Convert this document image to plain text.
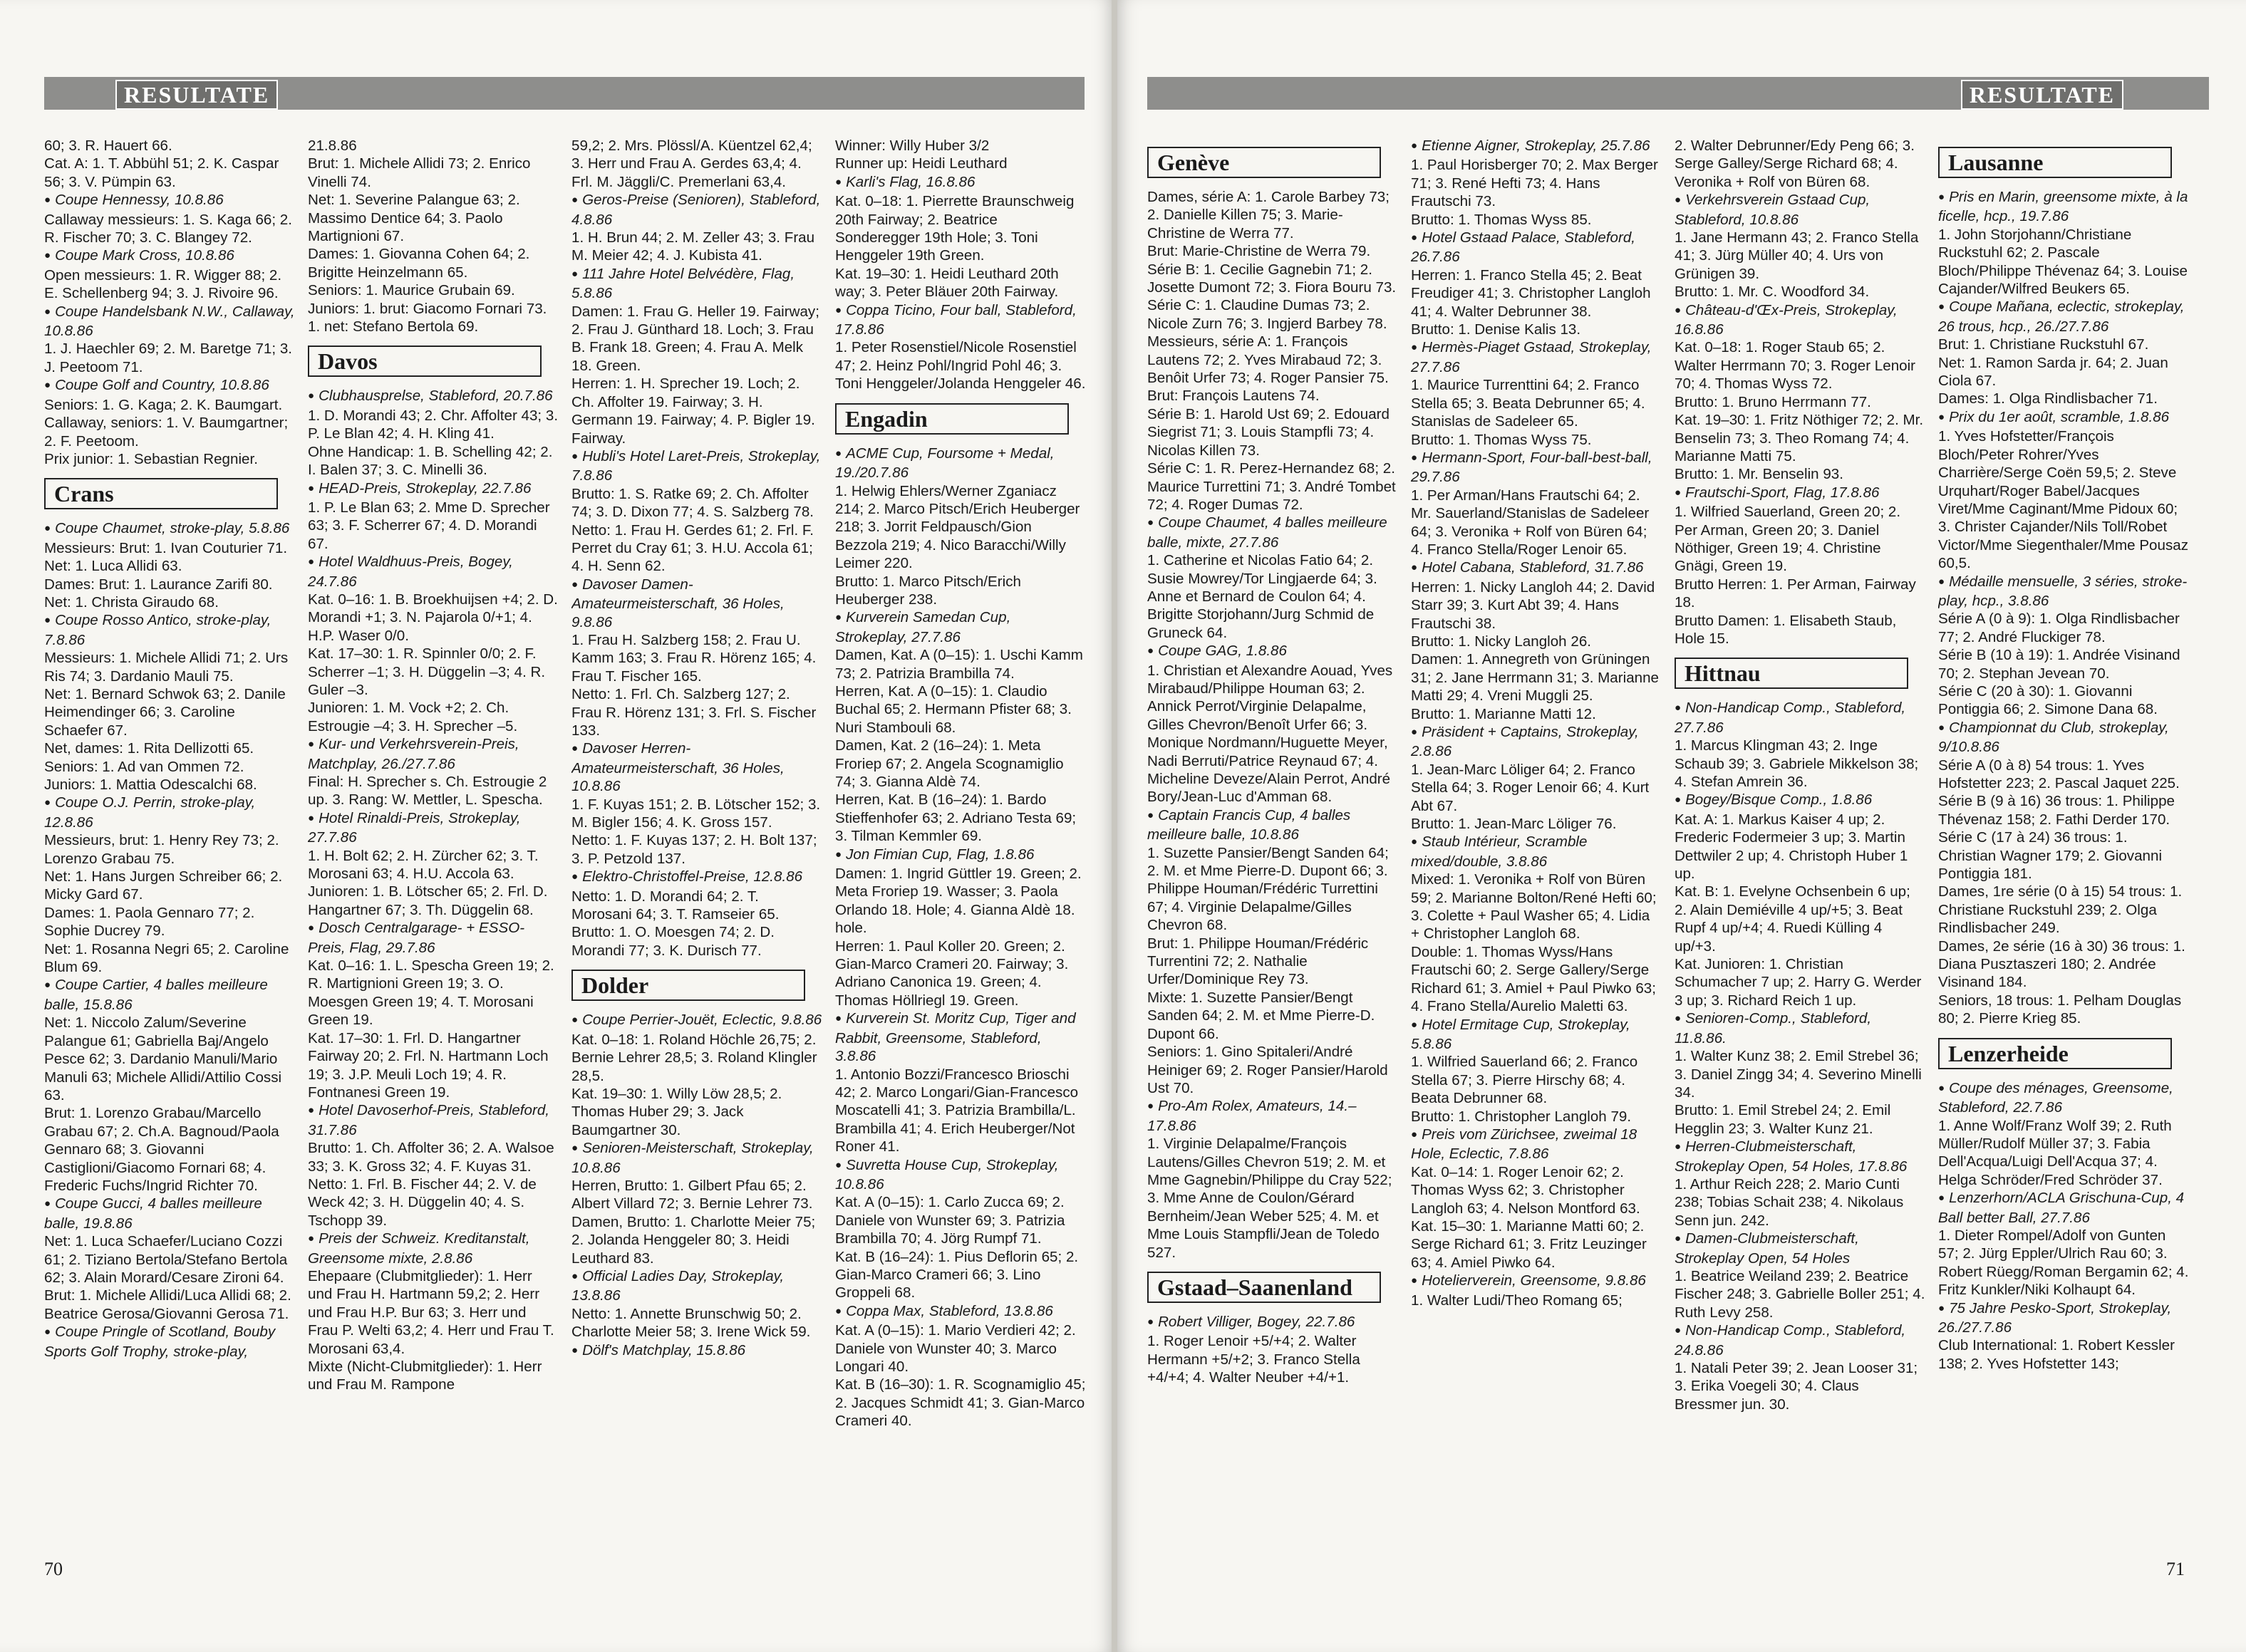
RESULTATE

60; 3. R. Hauert 66.

Cat. A: 1. T. Abbühl 51; 2. K. Caspar 56; 3. V. Pümpin 63.

● Coupe Hennessy, 10.8.86

Callaway messieurs: 1. S. Kaga 66; 2. R. Fischer 70; 3. C. Blangey 72.

● Coupe Mark Cross, 10.8.86

Open messieurs: 1. R. Wigger 88; 2. E. Schellenberg 94; 3. J. Rivoire 96.

● Coupe Handelsbank N.W., Callaway, 10.8.86

1. J. Haechler 69; 2. M. Baretge 71; 3. J. Peetoom 71.

● Coupe Golf and Country, 10.8.86

Seniors: 1. G. Kaga; 2. K. Baumgart.

Callaway, seniors: 1. V. Baumgartner; 2. F. Peetoom.

Prix junior: 1. Sebastian Regnier.

Crans

● Coupe Chaumet, stroke-play, 5.8.86

Messieurs: Brut: 1. Ivan Couturier 71. Net: 1. Luca Allidi 63.

Dames: Brut: 1. Laurance Zarifi 80. Net: 1. Christa Giraudo 68.

● Coupe Rosso Antico, stroke-play, 7.8.86

Messieurs: 1. Michele Allidi 71; 2. Urs Ris 74; 3. Dardanio Mauli 75.

Net: 1. Bernard Schwok 63; 2. Danile Heimendinger 66; 3. Caroline Schaefer 67.

Net, dames: 1. Rita Dellizotti 65.

Seniors: 1. Ad van Ommen 72.

Juniors: 1. Mattia Odescalchi 68.

● Coupe O.J. Perrin, stroke-play, 12.8.86

Messieurs, brut: 1. Henry Rey 73; 2. Lorenzo Grabau 75.

Net: 1. Hans Jurgen Schreiber 66; 2. Micky Gard 67.

Dames: 1. Paola Gennaro 77; 2. Sophie Ducrey 79.

Net: 1. Rosanna Negri 65; 2. Caroline Blum 69.

● Coupe Cartier, 4 balles meilleure balle, 15.8.86

Net: 1. Niccolo Zalum/Severine Palangue 61; Gabriella Baj/Angelo Pesce 62; 3. Dardanio Manuli/Mario Manuli 63; Michele Allidi/Attilio Cossi 63.

Brut: 1. Lorenzo Grabau/Marcello Grabau 67; 2. Ch.A. Bagnoud/Paola Gennaro 68; 3. Giovanni Castiglioni/Giacomo Fornari 68; 4. Frederic Fuchs/Ingrid Richter 70.

● Coupe Gucci, 4 balles meilleure balle, 19.8.86

Net: 1. Luca Schaefer/Luciano Cozzi 61; 2. Tiziano Bertola/Stefano Bertola 62; 3. Alain Morard/Cesare Zironi 64.

Brut: 1. Michele Allidi/Luca Allidi 68; 2. Beatrice Gerosa/Giovanni Gerosa 71.

● Coupe Pringle of Scotland, Bouby Sports Golf Trophy, stroke-play,

21.8.86

Brut: 1. Michele Allidi 73; 2. Enrico Vinelli 74.

Net: 1. Severine Palangue 63; 2. Massimo Dentice 64; 3. Paolo Martignioni 67.

Dames: 1. Giovanna Cohen 64; 2. Brigitte Heinzelmann 65.

Seniors: 1. Maurice Grubain 69.

Juniors: 1. brut: Giacomo Fornari 73. 1. net: Stefano Bertola 69.

Davos

● Clubhausprelse, Stableford, 20.7.86

1. D. Morandi 43; 2. Chr. Affolter 43; 3. P. Le Blan 42; 4. H. Kling 41.

Ohne Handicap: 1. B. Schelling 42; 2. I. Balen 37; 3. C. Minelli 36.

● HEAD-Preis, Strokeplay, 22.7.86

1. P. Le Blan 63; 2. Mme D. Sprecher 63; 3. F. Scherrer 67; 4. D. Morandi 67.

● Hotel Waldhuus-Preis, Bogey, 24.7.86

Kat. 0–16: 1. B. Broekhuijsen +4; 2. D. Morandi +1; 3. N. Pajarola 0/+1; 4. H.P. Waser 0/0.

Kat. 17–30: 1. R. Spinnler 0/0; 2. F. Scherrer –1; 3. H. Düggelin –3; 4. R. Guler –3.

Junioren: 1. M. Vock +2; 2. Ch. Estrougie –4; 3. H. Sprecher –5.

● Kur- und Verkehrsverein-Preis, Matchplay, 26./27.7.86

Final: H. Sprecher s. Ch. Estrougie 2 up. 3. Rang: W. Mettler, L. Spescha.

● Hotel Rinaldi-Preis, Strokeplay, 27.7.86

1. H. Bolt 62; 2. H. Zürcher 62; 3. T. Morosani 63; 4. H.U. Accola 63.

Junioren: 1. B. Lötscher 65; 2. Frl. D. Hangartner 67; 3. Th. Düggelin 68.

● Dosch Centralgarage- + ESSO-Preis, Flag, 29.7.86

Kat. 0–16: 1. L. Spescha Green 19; 2. R. Martignioni Green 19; 3. O. Moesgen Green 19; 4. T. Morosani Green 19.

Kat. 17–30: 1. Frl. D. Hangartner Fairway 20; 2. Frl. N. Hartmann Loch 19; 3. J.P. Meuli Loch 19; 4. R. Fontnanesi Green 19.

● Hotel Davoserhof-Preis, Stableford, 31.7.86

Brutto: 1. Ch. Affolter 36; 2. A. Walsoe 33; 3. K. Gross 32; 4. F. Kuyas 31.

Netto: 1. Frl. B. Fischer 44; 2. V. de Weck 42; 3. H. Düggelin 40; 4. S. Tschopp 39.

● Preis der Schweiz. Kreditanstalt, Greensome mixte, 2.8.86

Ehepaare (Clubmitglieder): 1. Herr und Frau H. Hartmann 59,2; 2. Herr und Frau H.P. Bur 63; 3. Herr und Frau P. Welti 63,2; 4. Herr und Frau T. Morosani 63,4.

Mixte (Nicht-Clubmitglieder): 1. Herr und Frau M. Rampone

59,2; 2. Mrs. Plössl/A. Küentzel 62,4; 3. Herr und Frau A. Gerdes 63,4; 4. Frl. M. Jäggli/C. Premerlani 63,4.

● Geros-Preise (Senioren), Stableford, 4.8.86

1. H. Brun 44; 2. M. Zeller 43; 3. Frau M. Meier 42; 4. J. Kubista 41.

● 111 Jahre Hotel Belvédère, Flag, 5.8.86

Damen: 1. Frau G. Heller 19. Fairway; 2. Frau J. Günthard 18. Loch; 3. Frau B. Frank 18. Green; 4. Frau A. Melk 18. Green.

Herren: 1. H. Sprecher 19. Loch; 2. Ch. Affolter 19. Fairway; 3. H. Germann 19. Fairway; 4. P. Bigler 19. Fairway.

● Hubli's Hotel Laret-Preis, Strokeplay, 7.8.86

Brutto: 1. S. Ratke 69; 2. Ch. Affolter 74; 3. D. Dixon 77; 4. S. Salzberg 78.

Netto: 1. Frau H. Gerdes 61; 2. Frl. F. Perret du Cray 61; 3. H.U. Accola 61; 4. H. Senn 62.

● Davoser Damen-Amateurmeisterschaft, 36 Holes, 9.8.86

1. Frau H. Salzberg 158; 2. Frau U. Kamm 163; 3. Frau R. Hörenz 165; 4. Frau T. Fischer 165.

Netto: 1. Frl. Ch. Salzberg 127; 2. Frau R. Hörenz 131; 3. Frl. S. Fischer 133.

● Davoser Herren-Amateurmeisterschaft, 36 Holes, 10.8.86

1. F. Kuyas 151; 2. B. Lötscher 152; 3. M. Bigler 156; 4. K. Gross 157.

Netto: 1. F. Kuyas 137; 2. H. Bolt 137; 3. P. Petzold 137.

● Elektro-Christoffel-Preise, 12.8.86

Netto: 1. D. Morandi 64; 2. T. Morosani 64; 3. T. Ramseier 65.

Brutto: 1. O. Moesgen 74; 2. D. Morandi 77; 3. K. Durisch 77.

Dolder

● Coupe Perrier-Jouët, Eclectic, 9.8.86

Kat. 0–18: 1. Roland Höchle 26,75; 2. Bernie Lehrer 28,5; 3. Roland Klingler 28,5.

Kat. 19–30: 1. Willy Löw 28,5; 2. Thomas Huber 29; 3. Jack Baumgartner 30.

● Senioren-Meisterschaft, Strokeplay, 10.8.86

Herren, Brutto: 1. Gilbert Pfau 65; 2. Albert Villard 72; 3. Bernie Lehrer 73.

Damen, Brutto: 1. Charlotte Meier 75; 2. Jolanda Henggeler 80; 3. Heidi Leuthard 83.

● Official Ladies Day, Strokeplay, 13.8.86

Netto: 1. Annette Brunschwig 50; 2. Charlotte Meier 58; 3. Irene Wick 59.

● Dölf's Matchplay, 15.8.86

Winner: Willy Huber 3/2

Runner up: Heidi Leuthard

● Karli's Flag, 16.8.86

Kat. 0–18: 1. Pierrette Braunschweig 20th Fairway; 2. Beatrice Sonderegger 19th Hole; 3. Toni Henggeler 19th Green.

Kat. 19–30: 1. Heidi Leuthard 20th way; 3. Peter Bläuer 20th Fairway.

● Coppa Ticino, Four ball, Stableford, 17.8.86

1. Peter Rosenstiel/Nicole Rosenstiel 47; 2. Heinz Pohl/Ingrid Pohl 46; 3. Toni Henggeler/Jolanda Henggeler 46.

Engadin

● ACME Cup, Foursome + Medal, 19./20.7.86

1. Helwig Ehlers/Werner Zganiacz 214; 2. Marco Pitsch/Erich Heuberger 218; 3. Jorrit Feldpausch/Gion Bezzola 219; 4. Nico Baracchi/Willy Leimer 220.

Brutto: 1. Marco Pitsch/Erich Heuberger 238.

● Kurverein Samedan Cup, Strokeplay, 27.7.86

Damen, Kat. A (0–15): 1. Uschi Kamm 73; 2. Patrizia Brambilla 74.

Herren, Kat. A (0–15): 1. Claudio Buchal 65; 2. Hermann Pfister 68; 3. Nuri Stambouli 68.

Damen, Kat. 2 (16–24): 1. Meta Froriep 67; 2. Angela Scognamiglio 74; 3. Gianna Aldè 74.

Herren, Kat. B (16–24): 1. Bardo Stieffenhofer 63; 2. Adriano Testa 69; 3. Tilman Kemmler 69.

● Jon Fimian Cup, Flag, 1.8.86

Damen: 1. Ingrid Güttler 19. Green; 2. Meta Froriep 19. Wasser; 3. Paola Orlando 18. Hole; 4. Gianna Aldè 18. hole.

Herren: 1. Paul Koller 20. Green; 2. Gian-Marco Crameri 20. Fairway; 3. Adriano Canonica 19. Green; 4. Thomas Höllriegl 19. Green.

● Kurverein St. Moritz Cup, Tiger and Rabbit, Greensome, Stableford, 3.8.86

1. Antonio Bozzi/Francesco Brioschi 42; 2. Marco Longari/Gian-Francesco Moscatelli 41; 3. Patrizia Brambilla/L. Brambilla 41; 4. Erich Heuberger/Not Roner 41.

● Suvretta House Cup, Strokeplay, 10.8.86

Kat. A (0–15): 1. Carlo Zucca 69; 2. Daniele von Wunster 69; 3. Patrizia Brambilla 70; 4. Jörg Rumpf 71.

Kat. B (16–24): 1. Pius Deflorin 65; 2. Gian-Marco Crameri 66; 3. Lino Groppeli 68.

● Coppa Max, Stableford, 13.8.86

Kat. A (0–15): 1. Mario Verdieri 42; 2. Daniele von Wunster 40; 3. Marco Longari 40.

Kat. B (16–30): 1. R. Scognamiglio 45; 2. Jacques Schmidt 41; 3. Gian-Marco Crameri 40.

70
RESULTATE
Genève

Dames, série A: 1. Carole Barbey 73; 2. Danielle Killen 75; 3. Marie-Christine de Werra 77.

Brut: Marie-Christine de Werra 79.

Série B: 1. Cecilie Gagnebin 71; 2. Josette Dumont 72; 3. Fiora Bouru 73.

Série C: 1. Claudine Dumas 73; 2. Nicole Zurn 76; 3. Ingjerd Barbey 78.

Messieurs, série A: 1. François Lautens 72; 2. Yves Mirabaud 72; 3. Benôit Urfer 73; 4. Roger Pansier 75.

Brut: François Lautens 74.

Série B: 1. Harold Ust 69; 2. Edouard Siegrist 71; 3. Louis Stampfli 73; 4. Nicolas Killen 73.

Série C: 1. R. Perez-Hernandez 68; 2. Maurice Turrettini 71; 3. André Tombet 72; 4. Roger Dumas 72.

● Coupe Chaumet, 4 balles meilleure balle, mixte, 27.7.86

1. Catherine et Nicolas Fatio 64; 2. Susie Mowrey/Tor Lingjaerde 64; 3. Anne et Bernard de Coulon 64; 4. Brigitte Storjohann/Jurg Schmid de Gruneck 64.

● Coupe GAG, 1.8.86

1. Christian et Alexandre Aouad, Yves Mirabaud/Philippe Houman 63; 2. Annick Perrot/Virginie Delapalme, Gilles Chevron/Benoît Urfer 66; 3. Monique Nordmann/Huguette Meyer, Nadi Berruti/Patrice Reynaud 67; 4. Micheline Deveze/Alain Perrot, André Bory/Jean-Luc d'Amman 68.

● Captain Francis Cup, 4 balles meilleure balle, 10.8.86

1. Suzette Pansier/Bengt Sanden 64; 2. M. et Mme Pierre-D. Dupont 66; 3. Philippe Houman/Frédéric Turrettini 67; 4. Virginie Delapalme/Gilles Chevron 68.

Brut: 1. Philippe Houman/Frédéric Turrentini 72; 2. Nathalie Urfer/Dominique Rey 73.

Mixte: 1. Suzette Pansier/Bengt Sanden 64; 2. M. et Mme Pierre-D. Dupont 66.

Seniors: 1. Gino Spitaleri/André Heiniger 69; 2. Roger Pansier/Harold Ust 70.

● Pro-Am Rolex, Amateurs, 14.–17.8.86

1. Virginie Delapalme/François Lautens/Gilles Chevron 519; 2. M. et Mme Gagnebin/Philippe du Cray 522; 3. Mme Anne de Coulon/Gérard Bernheim/Jean Weber 525; 4. M. et Mme Louis Stampfli/Jean de Toledo 527.

Gstaad–Saanenland

● Robert Villiger, Bogey, 22.7.86

1. Roger Lenoir +5/+4; 2. Walter Hermann +5/+2; 3. Franco Stella +4/+4; 4. Walter Neuber +4/+1.

● Etienne Aigner, Strokeplay, 25.7.86

1. Paul Horisberger 70; 2. Max Berger 71; 3. René Hefti 73; 4. Hans Frautschi 73.

Brutto: 1. Thomas Wyss 85.

● Hotel Gstaad Palace, Stableford, 26.7.86

Herren: 1. Franco Stella 45; 2. Beat Freudiger 41; 3. Christopher Langloh 41; 4. Walter Debrunner 38.

Brutto: 1. Denise Kalis 13.

● Hermès-Piaget Gstaad, Strokeplay, 27.7.86

1. Maurice Turrenttini 64; 2. Franco Stella 65; 3. Beata Debrunner 65; 4. Stanislas de Sadeleer 65.

Brutto: 1. Thomas Wyss 75.

● Hermann-Sport, Four-ball-best-ball, 29.7.86

1. Per Arman/Hans Frautschi 64; 2. Mr. Sauerland/Stanislas de Sadeleer 64; 3. Veronika + Rolf von Büren 64; 4. Franco Stella/Roger Lenoir 65.

● Hotel Cabana, Stableford, 31.7.86

Herren: 1. Nicky Langloh 44; 2. David Starr 39; 3. Kurt Abt 39; 4. Hans Frautschi 38.

Brutto: 1. Nicky Langloh 26.

Damen: 1. Annegreth von Grüningen 31; 2. Jane Herrmann 31; 3. Marianne Matti 29; 4. Vreni Muggli 25.

Brutto: 1. Marianne Matti 12.

● Präsident + Captains, Strokeplay, 2.8.86

1. Jean-Marc Löliger 64; 2. Franco Stella 64; 3. Roger Lenoir 66; 4. Kurt Abt 67.

Brutto: 1. Jean-Marc Löliger 76.

● Staub Intérieur, Scramble mixed/double, 3.8.86

Mixed: 1. Veronika + Rolf von Büren 59; 2. Marianne Bolton/René Hefti 60; 3. Colette + Paul Washer 65; 4. Lidia + Christopher Langloh 68.

Double: 1. Thomas Wyss/Hans Frautschi 60; 2. Serge Gallery/Serge Richard 61; 3. Amiel + Paul Piwko 63; 4. Frano Stella/Aurelio Maletti 63.

● Hotel Ermitage Cup, Strokeplay, 5.8.86

1. Wilfried Sauerland 66; 2. Franco Stella 67; 3. Pierre Hirschy 68; 4. Beata Debrunner 68.

Brutto: 1. Christopher Langloh 79.

● Preis vom Zürichsee, zweimal 18 Hole, Eclectic, 7.8.86

Kat. 0–14: 1. Roger Lenoir 62; 2. Thomas Wyss 62; 3. Christopher Langloh 63; 4. Nelson Montford 63.

Kat. 15–30: 1. Marianne Matti 60; 2. Serge Richard 61; 3. Fritz Leuzinger 63; 4. Amiel Piwko 64.

● Hotelierverein, Greensome, 9.8.86

1. Walter Ludi/Theo Romang 65;

2. Walter Debrunner/Edy Peng 66; 3. Serge Galley/Serge Richard 68; 4. Veronika + Rolf von Büren 68.

● Verkehrsverein Gstaad Cup, Stableford, 10.8.86

1. Jane Hermann 43; 2. Franco Stella 41; 3. Jürg Müller 40; 4. Urs von Grünigen 39.

Brutto: 1. Mr. C. Woodford 34.

● Château-d'Œx-Preis, Strokeplay, 16.8.86

Kat. 0–18: 1. Roger Staub 65; 2. Walter Herrmann 70; 3. Roger Lenoir 70; 4. Thomas Wyss 72.

Brutto: 1. Bruno Herrmann 77.

Kat. 19–30: 1. Fritz Nöthiger 72; 2. Mr. Benselin 73; 3. Theo Romang 74; 4. Marianne Matti 75.

Brutto: 1. Mr. Benselin 93.

● Frautschi-Sport, Flag, 17.8.86

1. Wilfried Sauerland, Green 20; 2. Per Arman, Green 20; 3. Daniel Nöthiger, Green 19; 4. Christine Gnägi, Green 19.

Brutto Herren: 1. Per Arman, Fairway 18.

Brutto Damen: 1. Elisabeth Staub, Hole 15.

Hittnau

● Non-Handicap Comp., Stableford, 27.7.86

1. Marcus Klingman 43; 2. Inge Schaub 39; 3. Gabriele Mikkelson 38; 4. Stefan Amrein 36.

● Bogey/Bisque Comp., 1.8.86

Kat. A: 1. Markus Kaiser 4 up; 2. Frederic Fodermeier 3 up; 3. Martin Dettwiler 2 up; 4. Christoph Huber 1 up.

Kat. B: 1. Evelyne Ochsenbein 6 up; 2. Alain Demiéville 4 up/+5; 3. Beat Rupf 4 up/+4; 4. Ruedi Külling 4 up/+3.

Kat. Junioren: 1. Christian Schumacher 7 up; 2. Harry G. Werder 3 up; 3. Richard Reich 1 up.

● Senioren-Comp., Stableford, 11.8.86.

1. Walter Kunz 38; 2. Emil Strebel 36; 3. Daniel Zingg 34; 4. Severino Minelli 34.

Brutto: 1. Emil Strebel 24; 2. Emil Hegglin 23; 3. Walter Kunz 21.

● Herren-Clubmeisterschaft, Strokeplay Open, 54 Holes, 17.8.86

1. Arthur Reich 228; 2. Mario Cunti 238; Tobias Schait 238; 4. Nikolaus Senn jun. 242.

● Damen-Clubmeisterschaft, Strokeplay Open, 54 Holes

1. Beatrice Weiland 239; 2. Beatrice Fischer 248; 3. Gabrielle Boller 251; 4. Ruth Levy 258.

● Non-Handicap Comp., Stableford, 24.8.86

1. Natali Peter 39; 2. Jean Looser 31; 3. Erika Voegeli 30; 4. Claus Bressmer jun. 30.

Lausanne

● Pris en Marin, greensome mixte, à la ficelle, hcp., 19.7.86

1. John Storjohann/Christiane Ruckstuhl 62; 2. Pascale Bloch/Philippe Thévenaz 64; 3. Louise Cajander/Wilfred Beukers 65.

● Coupe Mañana, eclectic, strokeplay, 26 trous, hcp., 26./27.7.86

Brut: 1. Christiane Ruckstuhl 67.

Net: 1. Ramon Sarda jr. 64; 2. Juan Ciola 67.

Dames: 1. Olga Rindlisbacher 71.

● Prix du 1er août, scramble, 1.8.86

1. Yves Hofstetter/François Bloch/Peter Rohrer/Yves Charrière/Serge Coën 59,5; 2. Steve Urquhart/Roger Babel/Jacques Viret/Mme Caginant/Mme Pidoux 60; 3. Christer Cajander/Nils Toll/Robet Victor/Mme Siegenthaler/Mme Pousaz 60,5.

● Médaille mensuelle, 3 séries, stroke-play, hcp., 3.8.86

Série A (0 à 9): 1. Olga Rindlisbacher 77; 2. André Fluckiger 78.

Série B (10 à 19): 1. Andrée Visinand 70; 2. Stephan Jevean 70.

Série C (20 à 30): 1. Giovanni Pontiggia 66; 2. Simone Dana 68.

● Championnat du Club, strokeplay, 9/10.8.86

Série A (0 à 8) 54 trous: 1. Yves Hofstetter 223; 2. Pascal Jaquet 225.

Série B (9 à 16) 36 trous: 1. Philippe Thévenaz 158; 2. Fathi Derder 170.

Série C (17 à 24) 36 trous: 1. Christian Wagner 179; 2. Giovanni Pontiggia 181.

Dames, 1re série (0 à 15) 54 trous: 1. Christiane Ruckstuhl 239; 2. Olga Rindlisbacher 249.

Dames, 2e série (16 à 30) 36 trous: 1. Diana Pusztaszeri 180; 2. Andrée Visinand 184.

Seniors, 18 trous: 1. Pelham Douglas 80; 2. Pierre Krieg 85.

Lenzerheide

● Coupe des ménages, Greensome, Stableford, 22.7.86

1. Anne Wolf/Franz Wolf 39; 2. Ruth Müller/Rudolf Müller 37; 3. Fabia Dell'Acqua/Luigi Dell'Acqua 37; 4. Helga Schröder/Fred Schröder 37.

● Lenzerhorn/ACLA Grischuna-Cup, 4 Ball better Ball, 27.7.86

1. Dieter Rompel/Adolf von Gunten 57; 2. Jürg Eppler/Ulrich Rau 60; 3. Robert Rüegg/Roman Bergamin 62; 4. Fritz Kunkler/Niki Kolhaupt 64.

● 75 Jahre Pesko-Sport, Strokeplay, 26./27.7.86

Club International: 1. Robert Kessler 138; 2. Yves Hofstetter 143;

71
